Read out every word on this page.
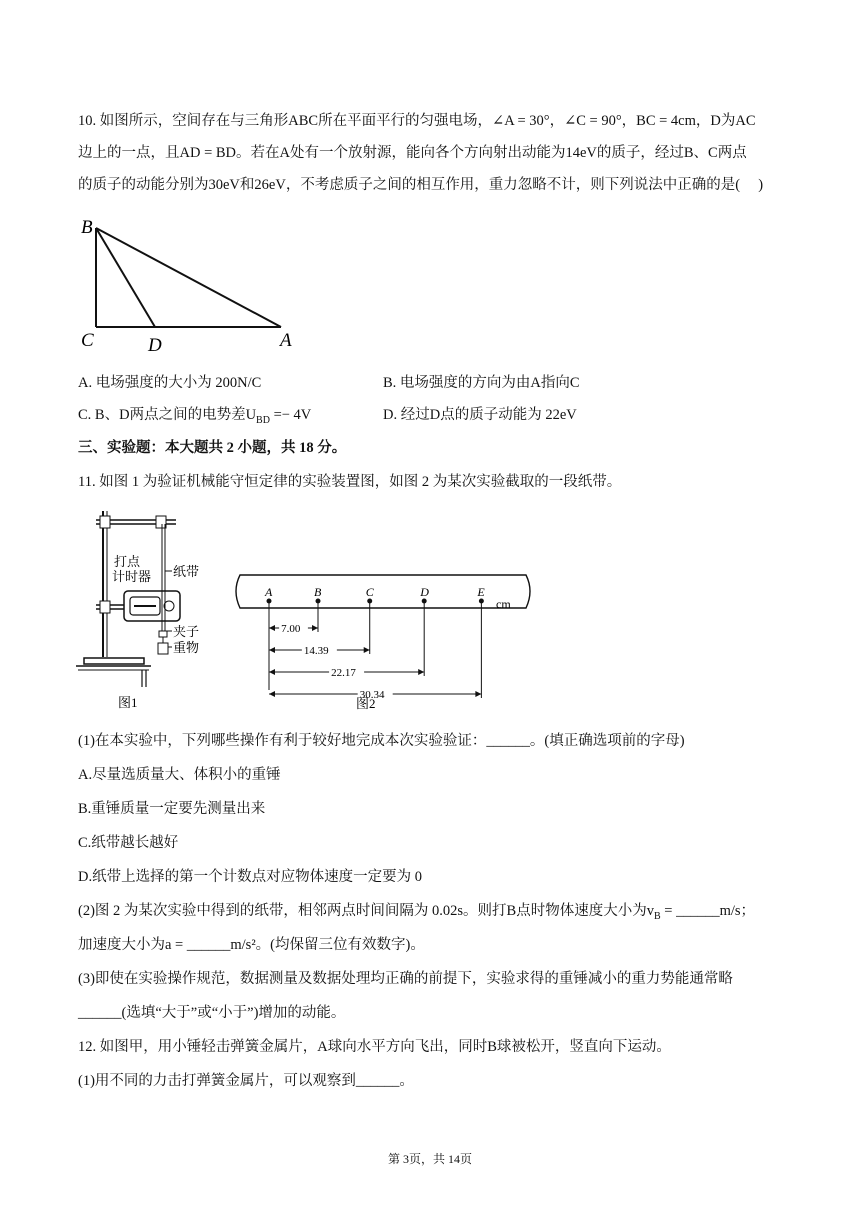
10. 如图所示，空间存在与三角形ABC所在平面平行的匀强电场，∠A = 30°，∠C = 90°，BC = 4cm，D为AC
边上的一点，且AD = BD。若在A处有一个放射源，能向各个方向射出动能为14eV的质子，经过B、C两点
的质子的动能分别为30eV和26eV，不考虑质子之间的相互作用，重力忽略不计，则下列说法中正确的是(　 )
B
C	D	A
A. 电场强度的大小为 200N/C	B. 电场强度的方向为由A指向C
C. B、D两点之间的电势差$U_{BD} =- 4V$	D. 经过D点的质子动能为 22eV
三、实验题：本大题共 2 小题，共 18 分。
11. 如图 1 为验证机械能守恒定律的实验装置图，如图 2 为某次实验截取的一段纸带。
打点
计时器 纸带
夹子
重物
图1
A	B	C	D	E
cm
7.00
14.39
22.17
30.34
图2
(1)在本实验中，下列哪些操作有利于较好地完成本次实验验证：______。(填正确选项前的字母)
A.尽量选质量大、体积小的重锤
B.重锤质量一定要先测量出来
C.纸带越长越好
D.纸带上选择的第一个计数点对应物体速度一定要为 0
(2)图 2 为某次实验中得到的纸带，相邻两点时间间隔为 0.02s。则打B点时物体速度大小为$v_B$ = ______m/s；
加速度大小为a = ______m/s²。(均保留三位有效数字)。
(3)即使在实验操作规范，数据测量及数据处理均正确的前提下，实验求得的重锤减小的重力势能通常略
______(选填“大于”或“小于”)增加的动能。
12. 如图甲，用小锤轻击弹簧金属片，A球向水平方向飞出，同时B球被松开，竖直向下运动。
(1)用不同的力击打弹簧金属片，可以观察到______。
第 3页，共 14页
